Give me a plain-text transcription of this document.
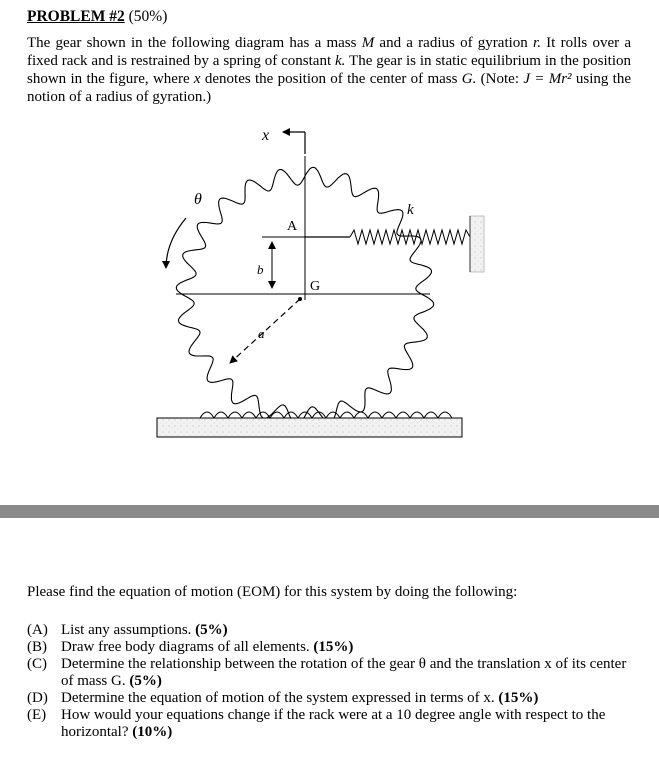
PROBLEM #2 (50%)
The gear shown in the following diagram has a mass M and a radius of gyration r. It rolls over a fixed rack and is restrained by a spring of constant k. The gear is in static equilibrium in the position shown in the figure, where x denotes the position of the center of mass G. (Note: J = Mr² using the notion of a radius of gyration.)
x
θ
k
A
b
G
a
Please find the equation of motion (EOM) for this system by doing the following:
(A) List any assumptions. (5%)
(B) Draw free body diagrams of all elements. (15%)
(C) Determine the relationship between the rotation of the gear θ and the translation x of its center of mass G. (5%)
(D) Determine the equation of motion of the system expressed in terms of x. (15%)
(E) How would your equations change if the rack were at a 10 degree angle with respect to the horizontal? (10%)
